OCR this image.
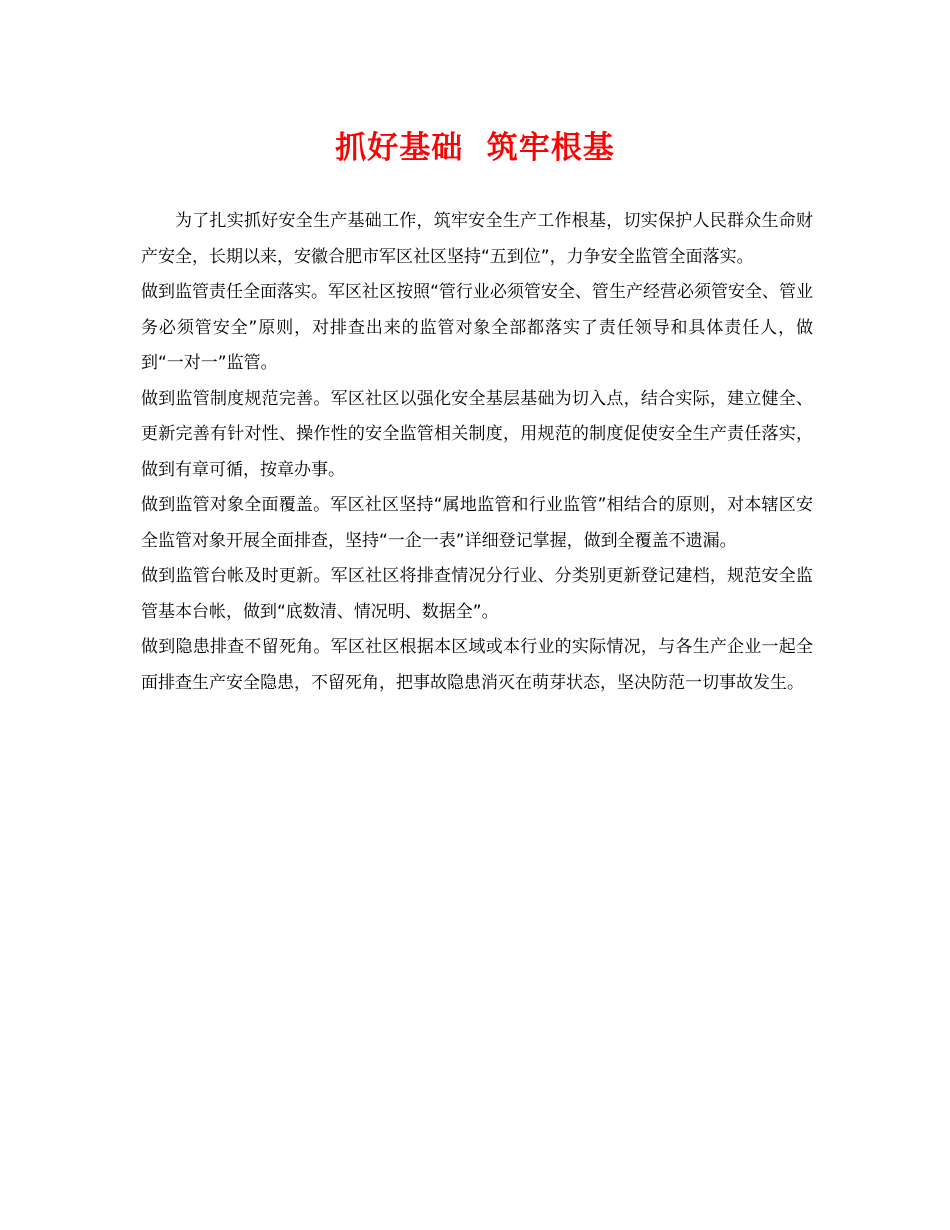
抓好基础  筑牢根基

为了扎实抓好安全生产基础工作，筑牢安全生产工作根基，切实保护人民群众生命财产安全，长期以来，安徽合肥市军区社区坚持“五到位”，力争安全监管全面落实。

做到监管责任全面落实。军区社区按照“管行业必须管安全、管生产经营必须管安全、管业务必须管安全”原则，对排查出来的监管对象全部都落实了责任领导和具体责任人，做到“一对一”监管。

做到监管制度规范完善。军区社区以强化安全基层基础为切入点，结合实际，建立健全、更新完善有针对性、操作性的安全监管相关制度，用规范的制度促使安全生产责任落实，做到有章可循，按章办事。

做到监管对象全面覆盖。军区社区坚持“属地监管和行业监管”相结合的原则，对本辖区安全监管对象开展全面排查，坚持“一企一表”详细登记掌握，做到全覆盖不遗漏。

做到监管台帐及时更新。军区社区将排查情况分行业、分类别更新登记建档，规范安全监管基本台帐，做到“底数清、情况明、数据全”。

做到隐患排查不留死角。军区社区根据本区域或本行业的实际情况，与各生产企业一起全面排查生产安全隐患，不留死角，把事故隐患消灭在萌芽状态，坚决防范一切事故发生。
